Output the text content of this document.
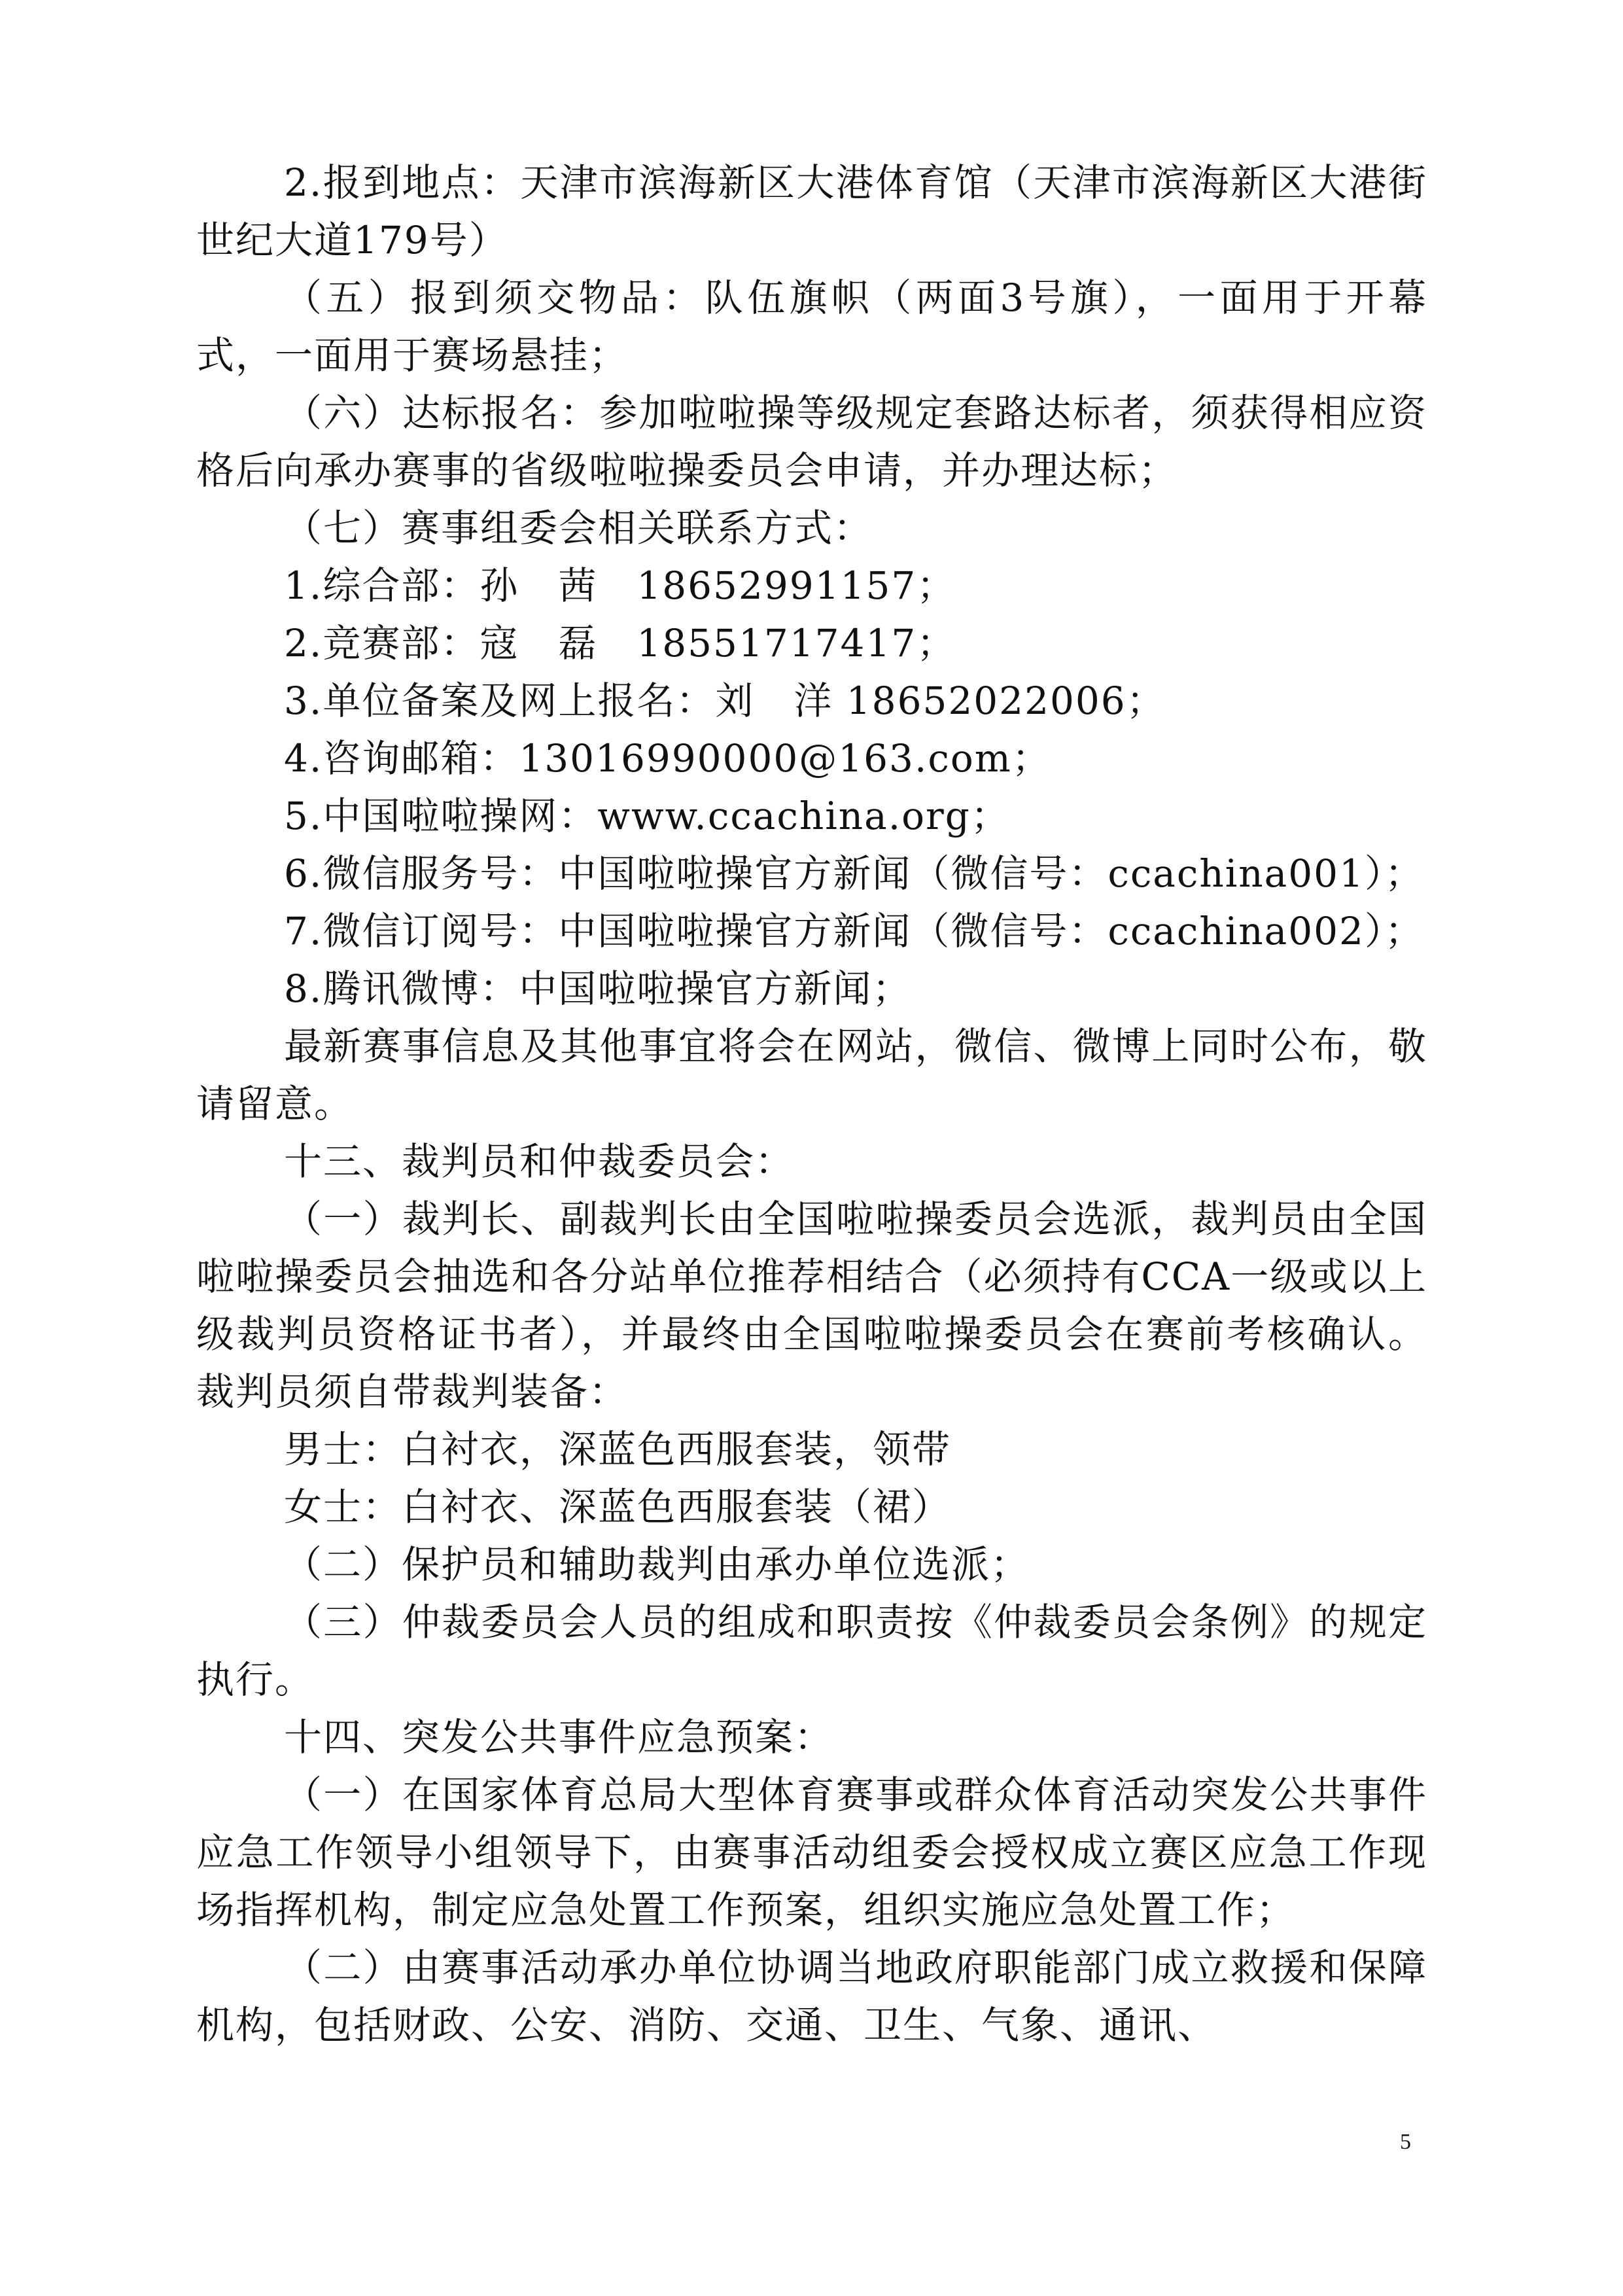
2.报到地点：天津市滨海新区大港体育馆（天津市滨海新区大港街世纪大道179号）

（五）报到须交物品：队伍旗帜（两面3号旗），一面用于开幕式，一面用于赛场悬挂；

（六）达标报名：参加啦啦操等级规定套路达标者，须获得相应资格后向承办赛事的省级啦啦操委员会申请，并办理达标；

（七）赛事组委会相关联系方式：

1.综合部：孙　茜　18652991157；

2.竞赛部：寇　磊　18551717417；

3.单位备案及网上报名：刘　洋 18652022006；

4.咨询邮箱：13016990000@163.com；

5.中国啦啦操网：www.ccachina.org；

6.微信服务号：中国啦啦操官方新闻（微信号：ccachina001）；

7.微信订阅号：中国啦啦操官方新闻（微信号：ccachina002）；

8.腾讯微博：中国啦啦操官方新闻；

最新赛事信息及其他事宜将会在网站，微信、微博上同时公布，敬请留意。

十三、裁判员和仲裁委员会：

（一）裁判长、副裁判长由全国啦啦操委员会选派，裁判员由全国啦啦操委员会抽选和各分站单位推荐相结合（必须持有CCA一级或以上级裁判员资格证书者），并最终由全国啦啦操委员会在赛前考核确认。裁判员须自带裁判装备：

男士：白衬衣，深蓝色西服套装，领带

女士：白衬衣、深蓝色西服套装（裙）

（二）保护员和辅助裁判由承办单位选派；

（三）仲裁委员会人员的组成和职责按《仲裁委员会条例》的规定执行。

十四、突发公共事件应急预案：

（一）在国家体育总局大型体育赛事或群众体育活动突发公共事件应急工作领导小组领导下，由赛事活动组委会授权成立赛区应急工作现场指挥机构，制定应急处置工作预案，组织实施应急处置工作；

（二）由赛事活动承办单位协调当地政府职能部门成立救援和保障机构，包括财政、公安、消防、交通、卫生、气象、通讯、

5
